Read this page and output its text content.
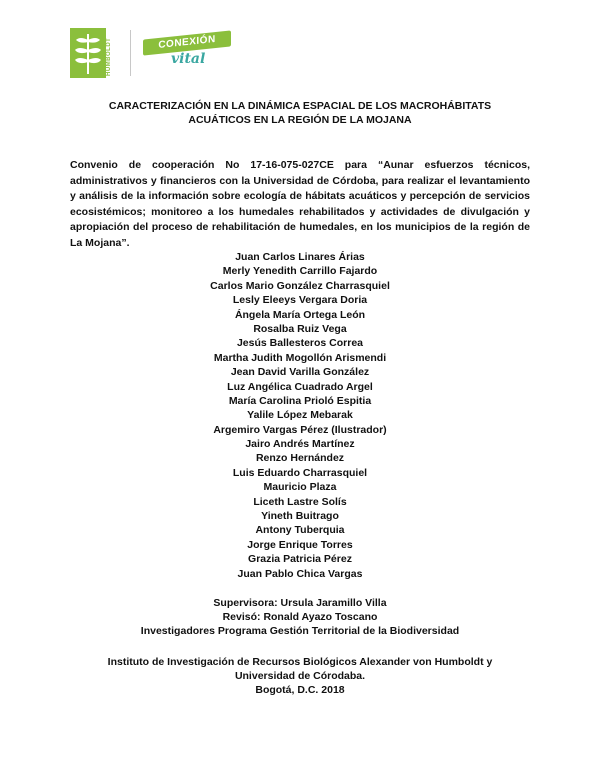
HUMBOLDT	CONEXIÓN
vital
CARACTERIZACIÓN EN LA DINÁMICA ESPACIAL DE LOS MACROHÁBITATS
ACUÁTICOS EN LA REGIÓN DE LA MOJANA
Convenio de cooperación No 17-16-075-027CE para “Aunar esfuerzos técnicos, administrativos y financieros con la Universidad de Córdoba, para realizar el levantamiento y análisis de la información sobre ecología de hábitats acuáticos y percepción de servicios ecosistémicos; monitoreo a los humedales rehabilitados y actividades de divulgación y apropiación del proceso de rehabilitación de humedales, en los municipios de la región de La Mojana”.
Juan Carlos Linares Árias
Merly Yenedith Carrillo Fajardo
Carlos Mario González Charrasquiel
Lesly Eleeys Vergara Doria
Ángela María Ortega León
Rosalba Ruiz Vega
Jesús Ballesteros Correa
Martha Judith Mogollón Arismendi
Jean David Varilla González
Luz Angélica Cuadrado Argel
María Carolina Prioló Espitia
Yalile López Mebarak
Argemiro Vargas Pérez (Ilustrador)
Jairo Andrés Martínez
Renzo Hernández
Luis Eduardo Charrasquiel
Mauricio Plaza
Liceth Lastre Solís
Yineth Buitrago
Antony Tuberquia
Jorge Enrique Torres
Grazia Patricia Pérez
Juan Pablo Chica Vargas
Supervisora: Ursula Jaramillo Villa
Revisó: Ronald Ayazo Toscano
Investigadores Programa Gestión Territorial de la Biodiversidad
Instituto de Investigación de Recursos Biológicos Alexander von Humboldt y
Universidad de Córodaba.
Bogotá, D.C. 2018
